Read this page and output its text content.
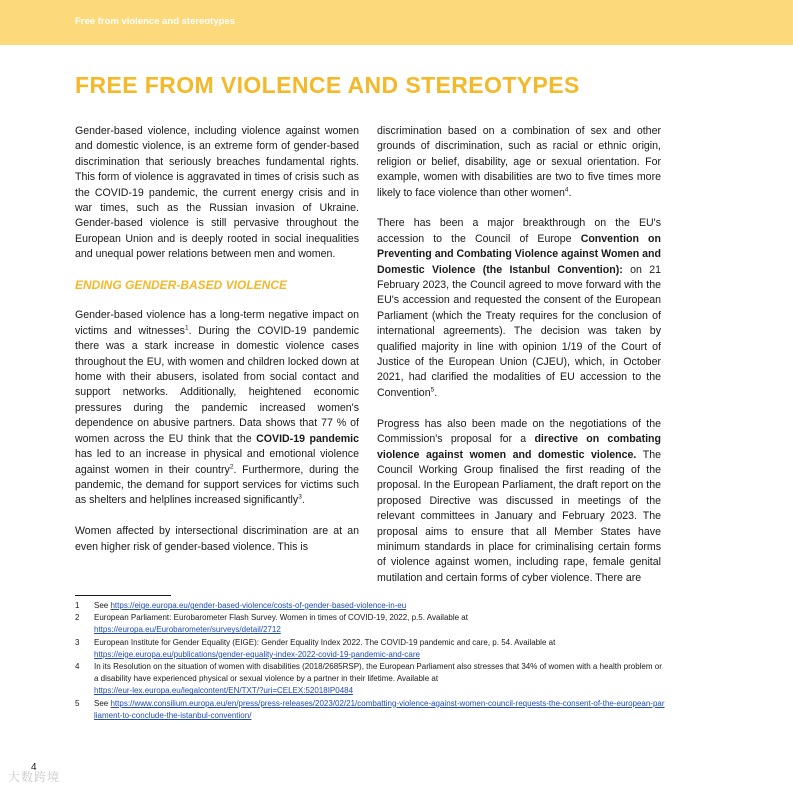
Free from violence and stereotypes
FREE FROM VIOLENCE AND STEREOTYPES

Gender-based violence, including violence against women and domestic violence, is an extreme form of gender-based discrimination that seriously breaches fundamental rights. This form of violence is aggravated in times of crisis such as the COVID-19 pandemic, the current energy crisis and in war times, such as the Russian invasion of Ukraine. Gender-based violence is still pervasive throughout the European Union and is deeply rooted in social inequalities and unequal power relations between men and women.

ENDING GENDER-BASED VIOLENCE

Gender-based violence has a long-term negative impact on victims and witnesses$^1$. During the COVID-19 pandemic there was a stark increase in domestic violence cases throughout the EU, with women and children locked down at home with their abusers, isolated from social contact and support networks. Additionally, heightened economic pressures during the pandemic increased women's dependence on abusive partners. Data shows that 77 % of women across the EU think that the COVID-19 pandemic has led to an increase in physical and emotional violence against women in their country$^2$. Furthermore, during the pandemic, the demand for support services for victims such as shelters and helplines increased significantly$^3$.

Women affected by intersectional discrimination are at an even higher risk of gender-based violence. This is

discrimination based on a combination of sex and other grounds of discrimination, such as racial or ethnic origin, religion or belief, disability, age or sexual orientation. For example, women with disabilities are two to five times more likely to face violence than other women$^4$.

There has been a major breakthrough on the EU's accession to the Council of Europe Convention on Preventing and Combating Violence against Women and Domestic Violence (the Istanbul Convention): on 21 February 2023, the Council agreed to move forward with the EU's accession and requested the consent of the European Parliament (which the Treaty requires for the conclusion of international agreements). The decision was taken by qualified majority in line with opinion 1/19 of the Court of Justice of the European Union (CJEU), which, in October 2021, had clarified the modalities of EU accession to the Convention$^5$.

Progress has also been made on the negotiations of the Commission's proposal for a directive on combating violence against women and domestic violence. The Council Working Group finalised the first reading of the proposal. In the European Parliament, the draft report on the proposed Directive was discussed in meetings of the relevant committees in January and February 2023. The proposal aims to ensure that all Member States have minimum standards in place for criminalising certain forms of violence against women, including rape, female genital mutilation and certain forms of cyber violence. There are

1	See https://eige.europa.eu/gender-based-violence/costs-of-gender-based-violence-in-eu
2	European Parliament: Eurobarometer Flash Survey. Women in times of COVID-19, 2022, p.5. Available at
https://europa.eu/Eurobarometer/surveys/detail/2712
3	European Institute for Gender Equality (EIGE): Gender Equality Index 2022. The COVID-19 pandemic and care, p. 54. Available at
https://eige.europa.eu/publications/gender-equality-index-2022-covid-19-pandemic-and-care
4	In its Resolution on the situation of women with disabilities (2018/2685RSP), the European Parliament also stresses that 34% of women with a health problem or a disability have experienced physical or sexual violence by a partner in their lifetime. Available at
https://eur-lex.europa.eu/legalcontent/EN/TXT/?uri=CELEX:52018IP0484
5	See https://www.consilium.europa.eu/en/press/press-releases/2023/02/21/combatting-violence-against-women-council-requests-the-consent-of-the-european-parliament-to-conclude-the-istanbul-convention/
4
大数跨境
